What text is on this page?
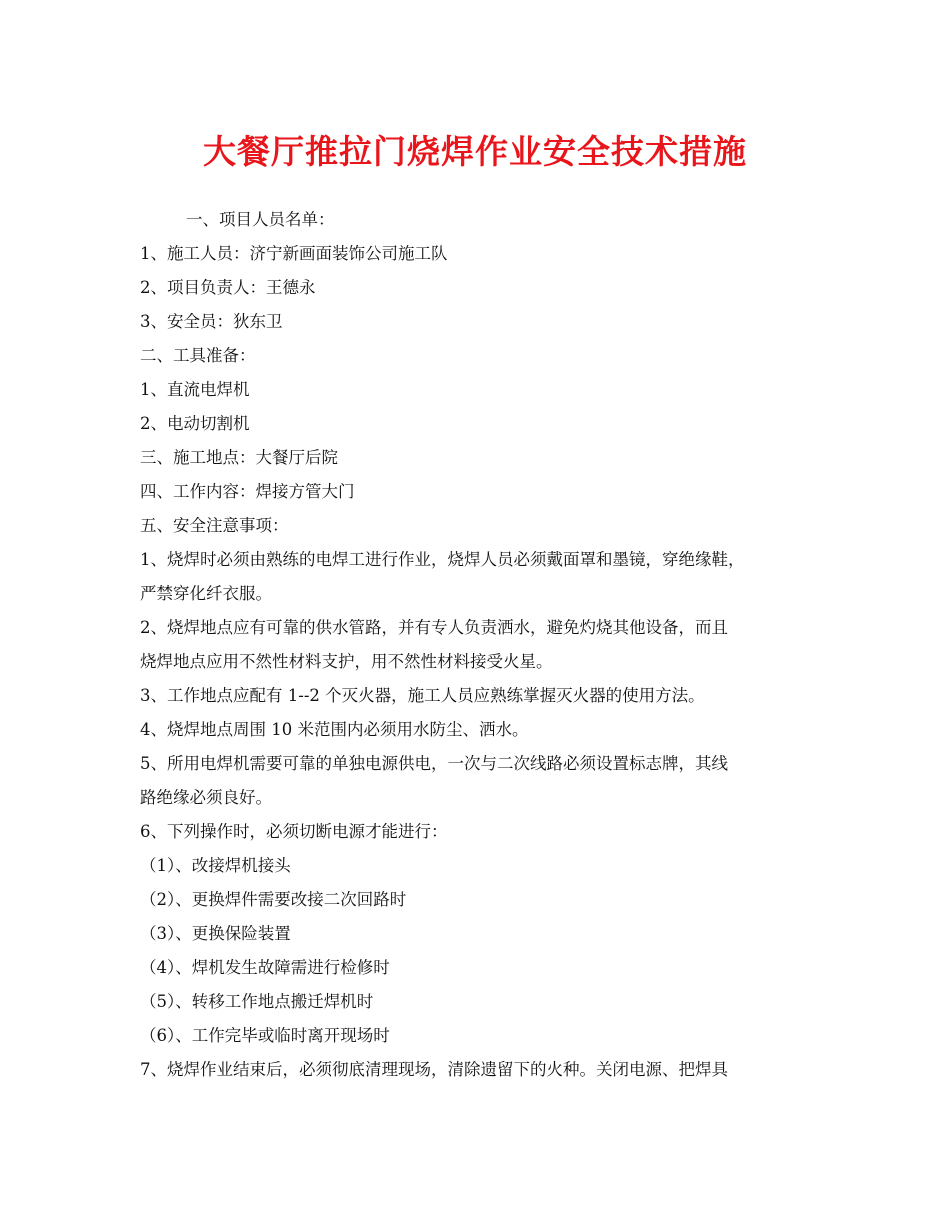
大餐厅推拉门烧焊作业安全技术措施

一、项目人员名单：

1、施工人员：济宁新画面装饰公司施工队

2、项目负责人：王德永

3、安全员：狄东卫

二、工具准备：

1、直流电焊机

2、电动切割机

三、施工地点：大餐厅后院

四、工作内容：焊接方管大门

五、安全注意事项：

1、烧焊时必须由熟练的电焊工进行作业，烧焊人员必须戴面罩和墨镜，穿绝缘鞋，

严禁穿化纤衣服。

2、烧焊地点应有可靠的供水管路，并有专人负责洒水，避免灼烧其他设备，而且

烧焊地点应用不然性材料支护，用不然性材料接受火星。

3、工作地点应配有 1--2 个灭火器，施工人员应熟练掌握灭火器的使用方法。

4、烧焊地点周围 10 米范围内必须用水防尘、洒水。

5、所用电焊机需要可靠的单独电源供电，一次与二次线路必须设置标志牌，其线

路绝缘必须良好。

6、下列操作时，必须切断电源才能进行：

（1）、改接焊机接头

（2）、更换焊件需要改接二次回路时

（3）、更换保险装置

（4）、焊机发生故障需进行检修时

（5）、转移工作地点搬迁焊机时

（6）、工作完毕或临时离开现场时

7、烧焊作业结束后，必须彻底清理现场，清除遗留下的火种。关闭电源、把焊具
